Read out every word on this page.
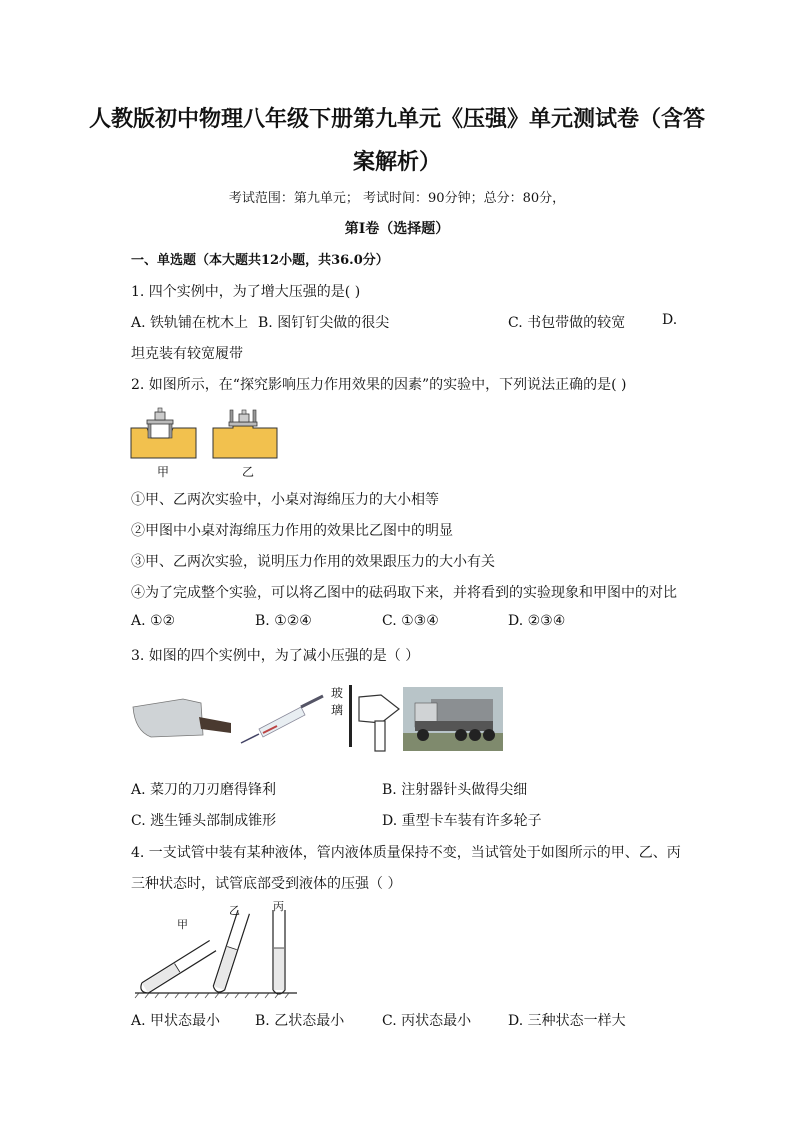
人教版初中物理八年级下册第九单元《压强》单元测试卷（含答
案解析）
考试范围：第九单元； 考试时间：90分钟；总分：80分，
第I卷（选择题）
一、单选题（本大题共12小题，共36.0分）
1. 四个实例中，为了增大压强的是( )
A. 铁轨铺在枕木上 B. 图钉钉尖做的很尖	C. 书包带做的较宽	D.
坦克装有较宽履带
2. 如图所示，在“探究影响压力作用效果的因素”的实验中，下列说法正确的是( )
甲	乙
①甲、乙两次实验中，小桌对海绵压力的大小相等
②甲图中小桌对海绵压力作用的效果比乙图中的明显
③甲、乙两次实验，说明压力作用的效果跟压力的大小有关
④为了完成整个实验，可以将乙图中的砝码取下来，并将看到的实验现象和甲图中的对比
A. ①②	B. ①②④	C. ①③④	D. ②③④
3. 如图的四个实例中，为了减小压强的是（ ）
玻
璃
A. 菜刀的刀刃磨得锋利	B. 注射器针头做得尖细
C. 逃生锤头部制成锥形	D. 重型卡车装有许多轮子
4. 一支试管中装有某种液体，管内液体质量保持不变，当试管处于如图所示的甲、乙、丙
三种状态时，试管底部受到液体的压强（ ）
甲
乙	丙
A. 甲状态最小 B. 乙状态最小	C. 丙状态最小	D. 三种状态一样大
